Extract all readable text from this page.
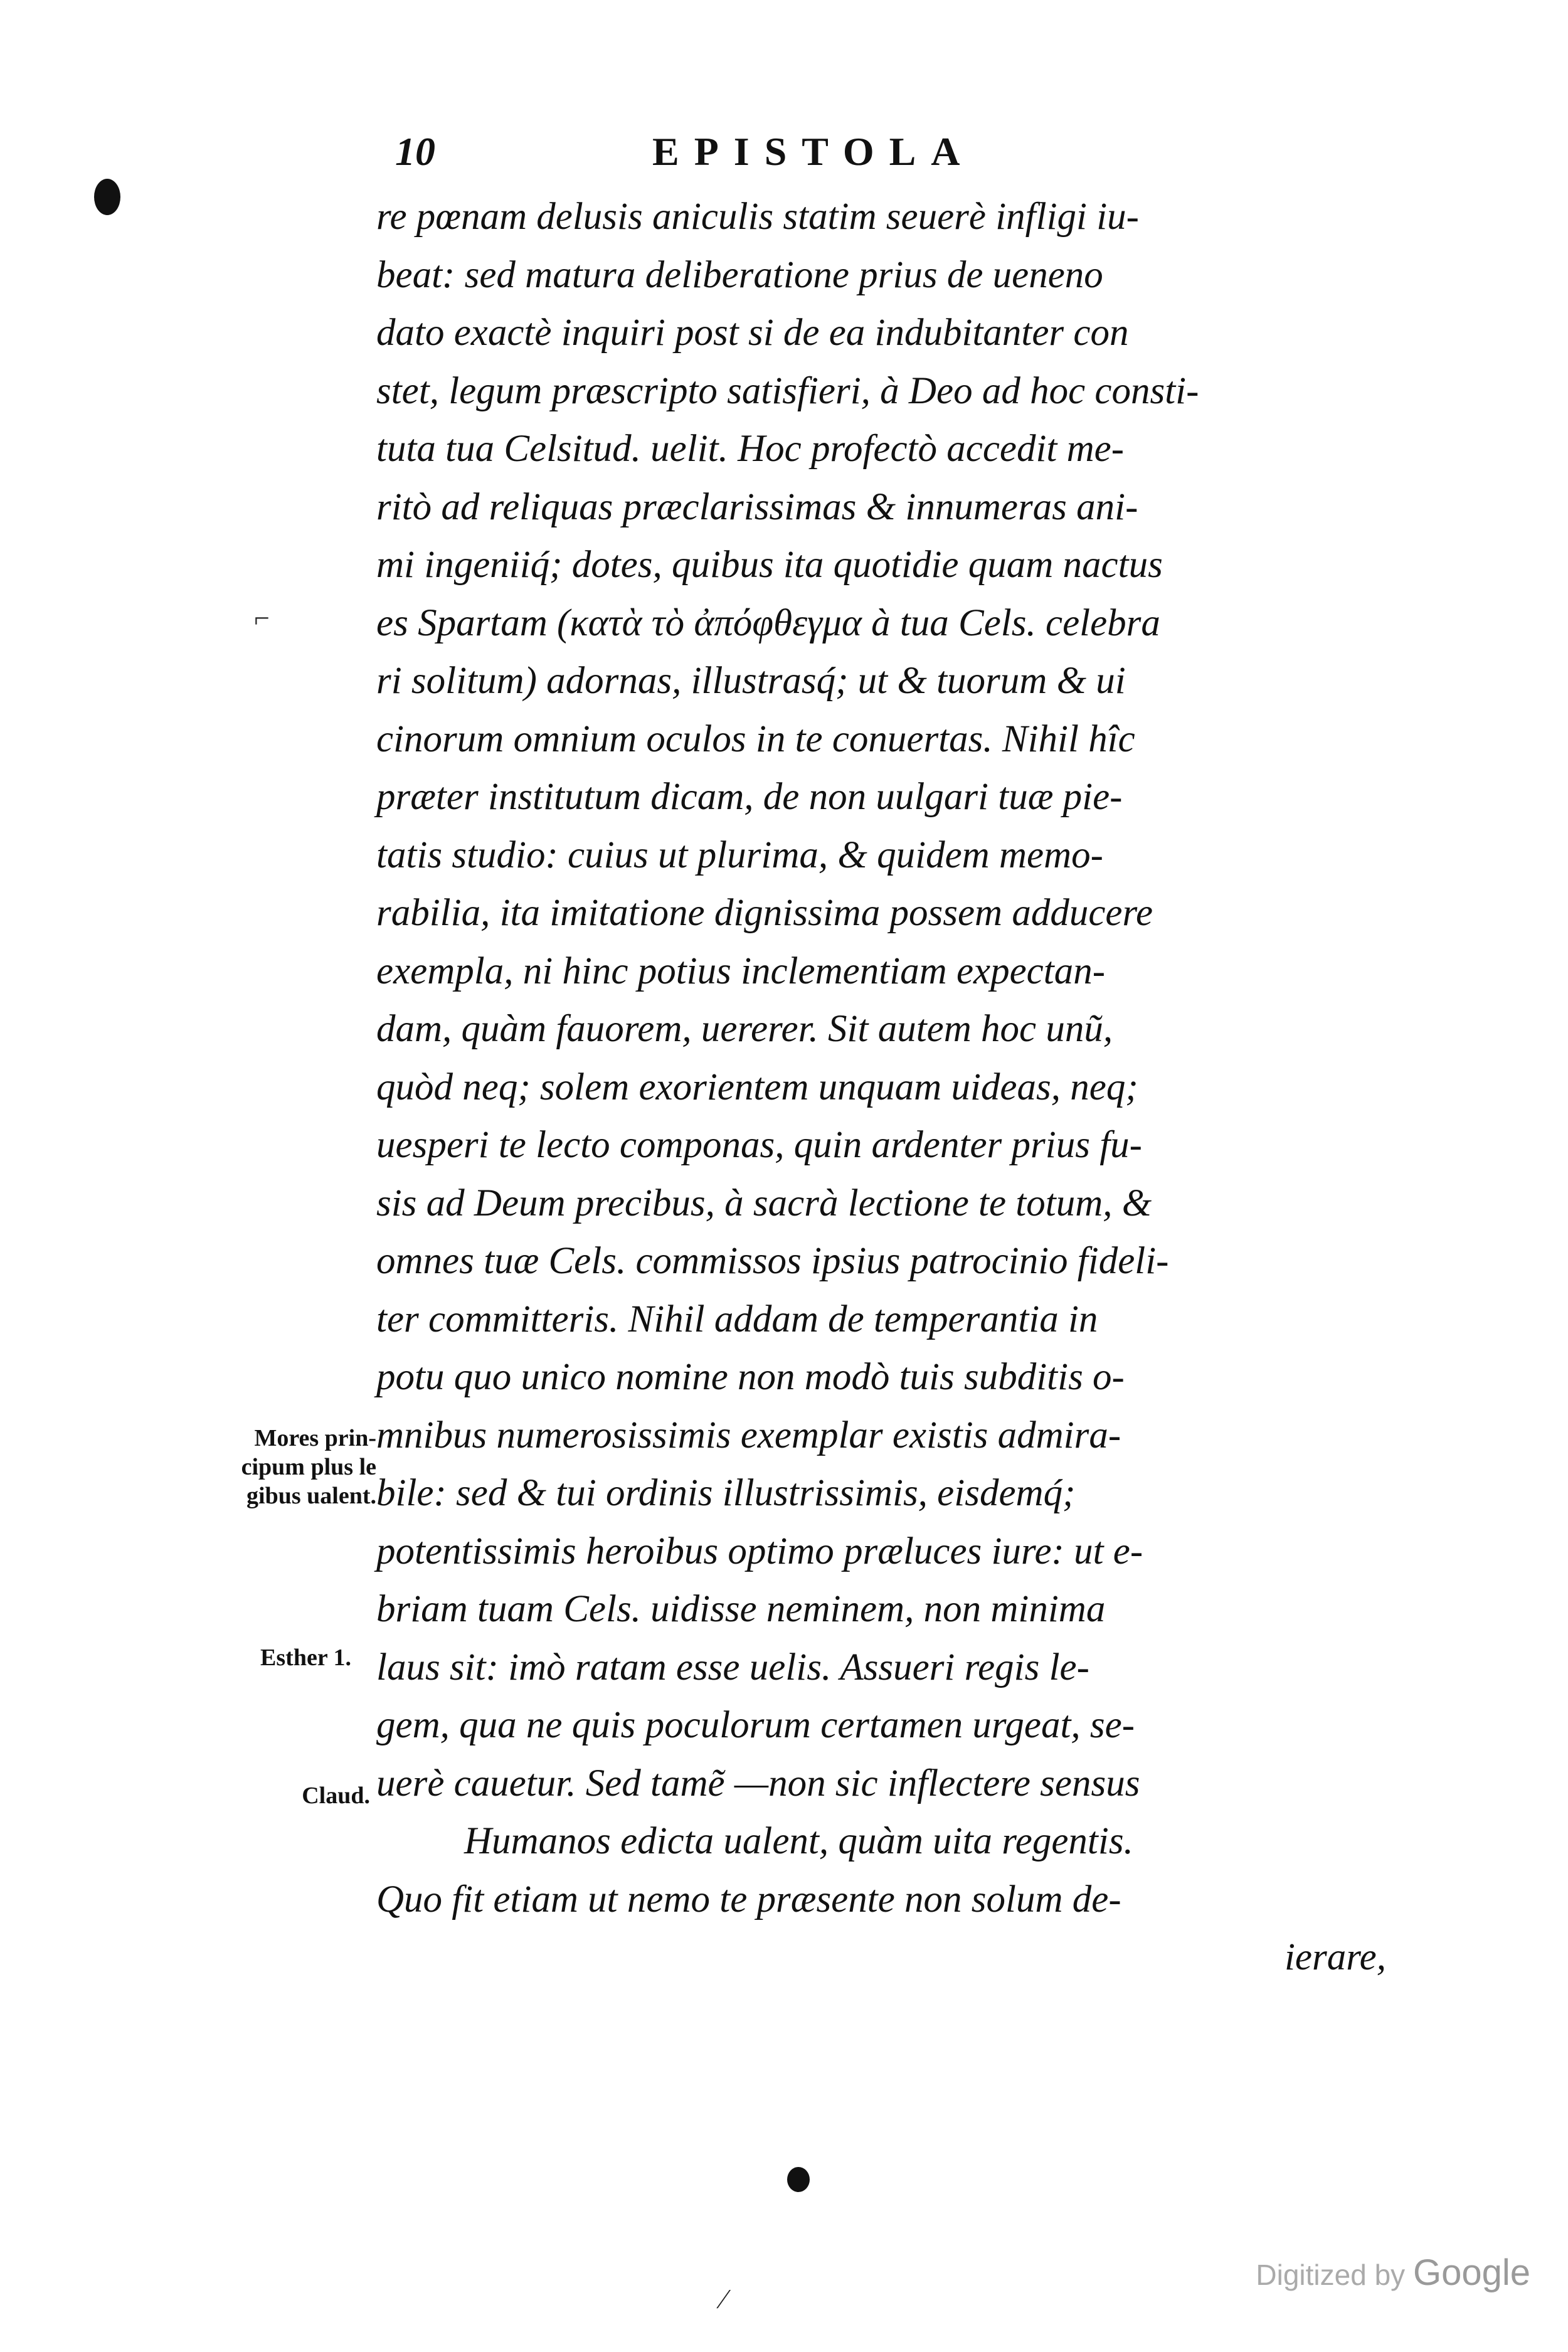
10	EPISTOLA
re pœnam delusis aniculis statim seuerè infligi iu-
beat: sed matura deliberatione prius de ueneno
dato exactè inquiri post si de ea indubitanter con
stet, legum præscripto satisfieri, à Deo ad hoc consti-
tuta tua Celsitud. uelit. Hoc profectò accedit me-
ritò ad reliquas præclarissimas & innumeras ani-
mi ingeniiq́; dotes, quibus ita quotidie quam nactus
es Spartam (κατὰ τὸ ἀπόφθεγμα à tua Cels. celebra
ri solitum) adornas, illustrasq́; ut & tuorum & ui
cinorum omnium oculos in te conuertas. Nihil hîc
præter institutum dicam, de non uulgari tuæ pie-
tatis studio: cuius ut plurima, & quidem memo-
rabilia, ita imitatione dignissima possem adducere
exempla, ni hinc potius inclementiam expectan-
dam, quàm fauorem, uererer. Sit autem hoc unũ,
quòd neq; solem exorientem unquam uideas, neq;
uesperi te lecto componas, quin ardenter prius fu-
sis ad Deum precibus, à sacrà lectione te totum, &
omnes tuæ Cels. commissos ipsius patrocinio fideli-
ter committeris. Nihil addam de temperantia in
potu quo unico nomine non modò tuis subditis o-
mnibus numerosissimis exemplar existis admira-
bile: sed & tui ordinis illustrissimis, eisdemq́;
potentissimis heroibus optimo præluces iure: ut e-
briam tuam Cels. uidisse neminem, non minima
laus sit: imò ratam esse uelis. Assueri regis le-
gem, qua ne quis poculorum certamen urgeat, se-
uerè cauetur. Sed tamẽ —non sic inflectere sensus
Humanos edicta ualent, quàm uita regentis.
Quo fit etiam ut nemo te præsente non solum de-
ierare,
Mores prin-
cipum plus le
gibus ualent.
Esther 1.
Claud.
⌐
⁄
Digitized by Google
